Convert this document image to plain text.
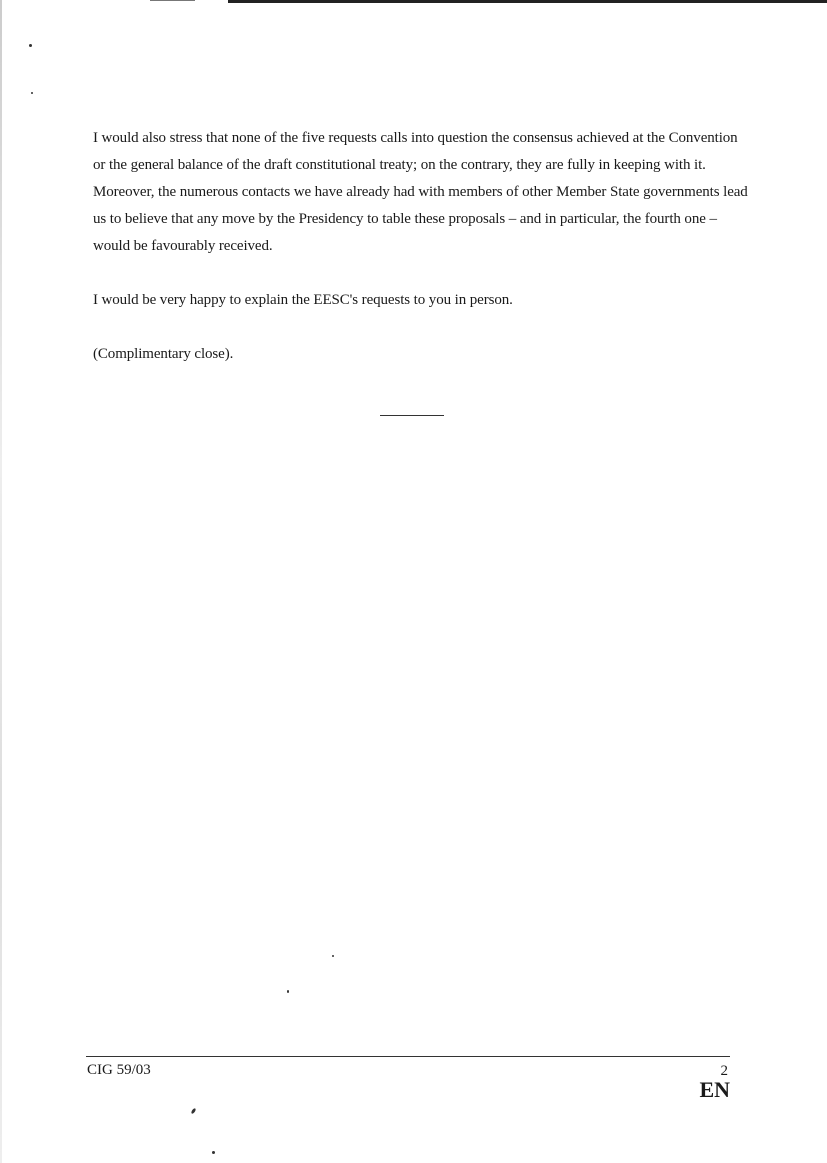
I would also stress that none of the five requests calls into question the consensus achieved at the Convention or the general balance of the draft constitutional treaty; on the contrary, they are fully in keeping with it. Moreover, the numerous contacts we have already had with members of other Member State governments lead us to believe that any move by the Presidency to table these proposals – and in particular, the fourth one – would be favourably received.

I would be very happy to explain the EESC's requests to you in person.

(Complimentary close).

CIG 59/03	2
EN
